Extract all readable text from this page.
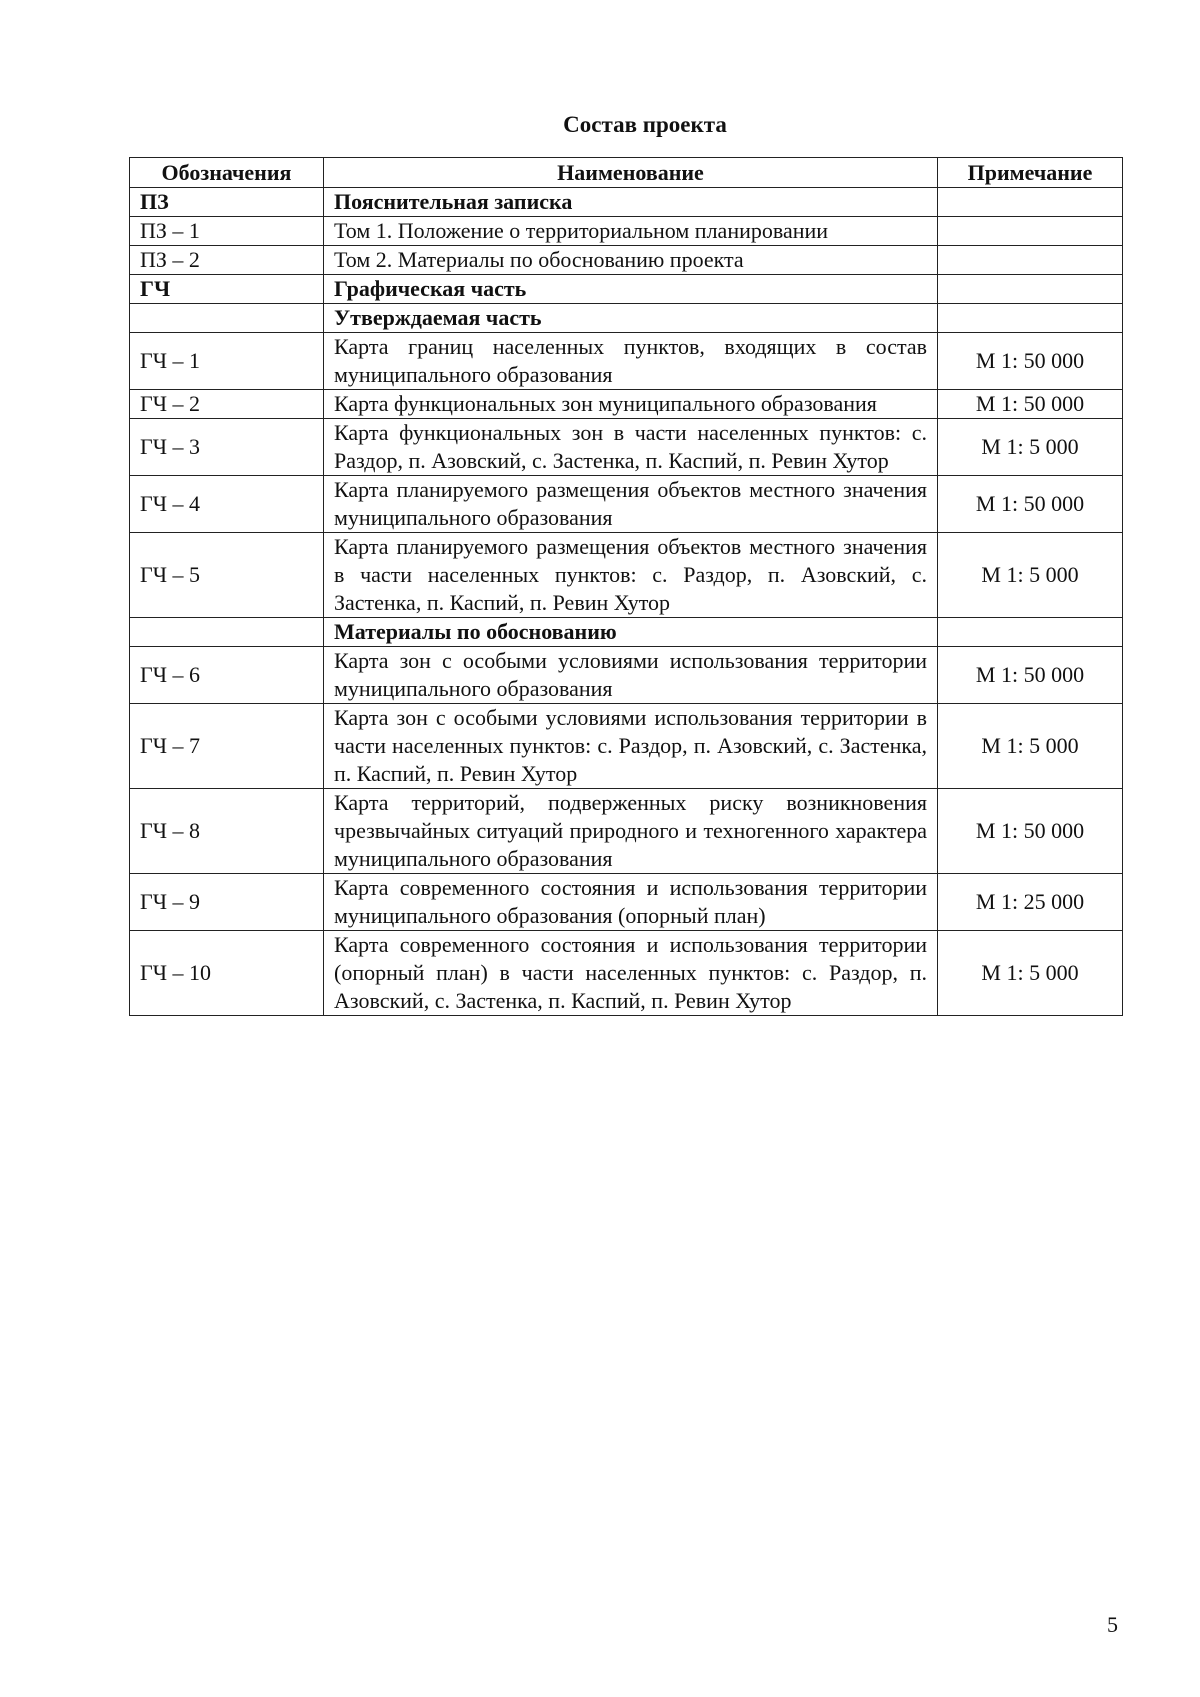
Состав проекта
Обозначения	Наименование	Примечание
ПЗ	Пояснительная записка	
ПЗ – 1	Том 1. Положение о территориальном планировании	
ПЗ – 2	Том 2. Материалы по обоснованию проекта	
ГЧ	Графическая часть	
	Утверждаемая часть	
ГЧ – 1	Карта границ населенных пунктов, входящих в состав муниципального образования	М 1: 50 000
ГЧ – 2	Карта функциональных зон муниципального образования	М 1: 50 000
ГЧ – 3	Карта функциональных зон в части населенных пунктов: с. Раздор, п. Азовский, с. Застенка, п. Каспий, п. Ревин Хутор	М 1: 5 000
ГЧ – 4	Карта планируемого размещения объектов местного значения муниципального образования	М 1: 50 000
ГЧ – 5	Карта планируемого размещения объектов местного значения в части населенных пунктов: с. Раздор, п. Азовский, с. Застенка, п. Каспий, п. Ревин Хутор	М 1: 5 000
	Материалы по обоснованию	
ГЧ – 6	Карта зон с особыми условиями использования территории муниципального образования	М 1: 50 000
ГЧ – 7	Карта зон с особыми условиями использования территории в части населенных пунктов: с. Раздор, п. Азовский, с. Застенка, п. Каспий, п. Ревин Хутор	М 1: 5 000
ГЧ – 8	Карта территорий, подверженных риску возникновения чрезвычайных ситуаций природного и техногенного характера муниципального образования	М 1: 50 000
ГЧ – 9	Карта современного состояния и использования территории муниципального образования (опорный план)	М 1: 25 000
ГЧ – 10	Карта современного состояния и использования территории (опорный план) в части населенных пунктов: с. Раздор, п. Азовский, с. Застенка, п. Каспий, п. Ревин Хутор	М 1: 5 000
5
